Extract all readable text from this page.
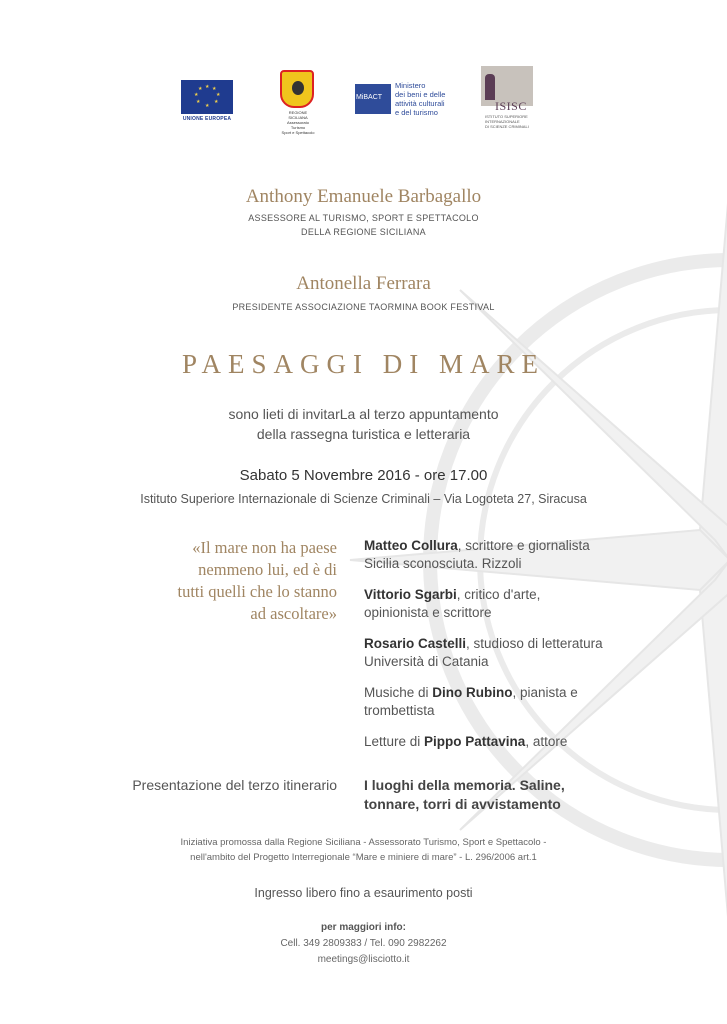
★ ★
★
★
★
★
★
★
UNIONE EUROPEA
REGIONE SICILIANA
Assessorato Turismo
Sport e Spettacolo
MiBACT
Ministero
dei beni e delle
attività culturali
e del turismo	ISISC
ISTITUTO SUPERIORE
INTERNAZIONALE
DI SCIENZE CRIMINALI
Anthony Emanuele Barbagallo
ASSESSORE AL TURISMO, SPORT E SPETTACOLO
DELLA REGIONE SICILIANA
Antonella Ferrara
PRESIDENTE ASSOCIAZIONE TAORMINA BOOK FESTIVAL
PAESAGGI DI MARE
sono lieti di invitarLa al terzo appuntamento
della rassegna turistica e letteraria
Sabato 5 Novembre 2016 - ore 17.00
Istituto Superiore Internazionale di Scienze Criminali – Via Logoteta 27, Siracusa
«Il mare non ha paese
nemmeno lui, ed è di
tutti quelli che lo stanno
ad ascoltare»

Matteo Collura, scrittore e giornalista
Sicilia sconosciuta. Rizzoli

Vittorio Sgarbi, critico d'arte,
opinionista e scrittore

Rosario Castelli, studioso di letteratura
Università di Catania

Musiche di Dino Rubino, pianista e
trombettista

Letture di Pippo Pattavina, attore

Presentazione del terzo itinerario I luoghi della memoria. Saline,
tonnare, torri di avvistamento
Iniziativa promossa dalla Regione Siciliana - Assessorato Turismo, Sport e Spettacolo -
nell'ambito del Progetto Interregionale “Mare e miniere di mare” - L. 296/2006 art.1
Ingresso libero fino a esaurimento posti
per maggiori info:
Cell. 349 2809383 / Tel. 090 2982262
meetings@lisciotto.it
